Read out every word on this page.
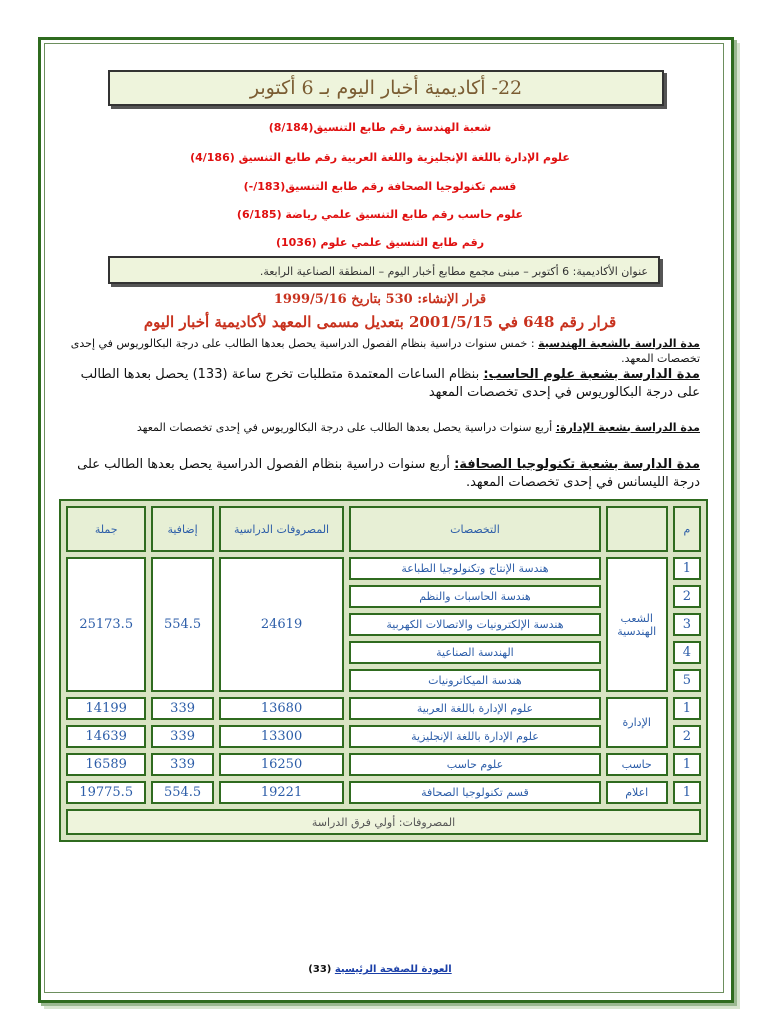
22- أكاديمية أخبار اليوم بـ 6 أكتوبر
شعبة الهندسة رقم طابع التنسيق(8/184)
علوم الإدارة باللغة الإنجليزية واللغة العربية رقم طابع التنسيق (4/186)
قسم تكنولوجيا الصحافة رقم طابع التنسيق(183/-)
علوم حاسب رقم طابع التنسيق علمي رياضة (6/185)
رقم طابع التنسيق علمي علوم (1036)
عنوان الأكاديمية: 6 أكتوبر – مبنى مجمع مطابع أخبار اليوم – المنطقة الصناعية الرابعة.
قرار الإنشاء: 530 بتاريخ 1999/5/16
قرار رقم 648 في 2001/5/15 بتعديل مسمى المعهد لأكاديمية أخبار اليوم
مدة الدراسة بالشعبة الهندسية : خمس سنوات دراسية بنظام الفصول الدراسية يحصل بعدها الطالب على درجة البكالوريوس في إحدى تخصصات المعهد.
مدة الدارسة بشعبة علوم الحاسب: بنظام الساعات المعتمدة متطلبات تخرج ساعة (133) يحصل بعدها الطالب على درجة البكالوريوس في إحدى تخصصات المعهد
مدة الدراسة بشعبة الإدارة: أربع سنوات دراسية يحصل بعدها الطالب على درجة البكالوريوس في إحدى تخصصات المعهد
مدة الدارسة بشعبة تكنولوجيا الصحافة: أربع سنوات دراسية بنظام الفصول الدراسية يحصل بعدها الطالب على درجة الليسانس في إحدى تخصصات المعهد.
م		التخصصات	المصروفات الدراسية	إضافية	جملة
1	الشعب الهندسية	هندسة الإنتاج وتكنولوجيا الطباعة	24619	554.5	25173.5
2		هندسة الحاسبات والنظم			
3		هندسة الإلكترونيات والاتصالات الكهربية			
4		الهندسة الصناعية			
5		هندسة الميكاترونيات			
1	الإدارة	علوم الإدارة باللغة العربية	13680	339	14199
2		علوم الإدارة باللغة الإنجليزية	13300	339	14639
1	حاسب	علوم حاسب	16250	339	16589
1	اعلام	قسم تكنولوجيا الصحافة	19221	554.5	19775.5
المصروفات: أولي فرق الدراسة					
العودة للصفحة الرئيسية (33)
